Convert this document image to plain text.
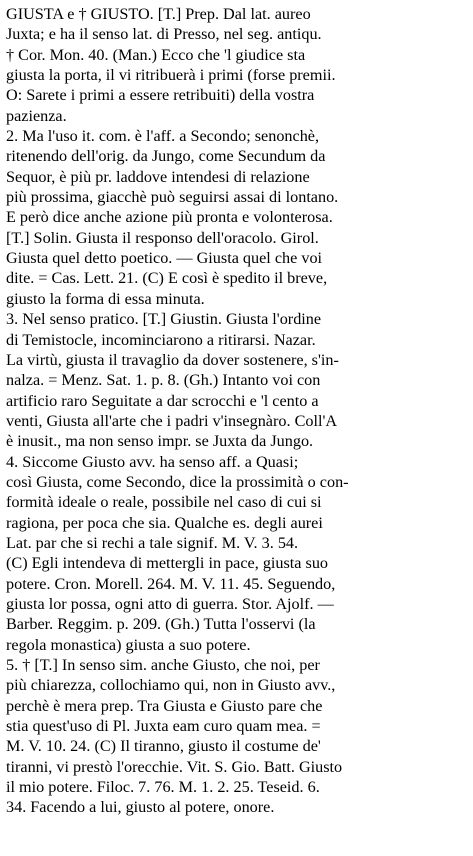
GIUSTA e † GIUSTO. [T.] Prep. Dal lat. aureo
Juxta; e ha il senso lat. di Presso, nel seg. antiqu.
† Cor. Mon. 40. (Man.) Ecco che 'l giudice sta
giusta la porta, il vi ritribuerà i primi (forse premii.
O: Sarete i primi a essere retribuiti) della vostra
pazienza.
2. Ma l'uso it. com. è l'aff. a Secondo; senonchè,
ritenendo dell'orig. da Jungo, come Secundum da
Sequor, è più pr. laddove intendesi di relazione
più prossima, giacchè può seguirsi assai di lontano.
E però dice anche azione più pronta e volonterosa.
[T.] Solin. Giusta il responso dell'oracolo. Girol.
Giusta quel detto poetico. — Giusta quel che voi
dite. = Cas. Lett. 21. (C) E così è spedito il breve,
giusto la forma di essa minuta.
3. Nel senso pratico. [T.] Giustin. Giusta l'ordine
di Temistocle, incominciarono a ritirarsi. Nazar.
La virtù, giusta il travaglio da dover sostenere, s'in-
nalza. = Menz. Sat. 1. p. 8. (Gh.) Intanto voi con
artificio raro Seguitate a dar scrocchi e 'l cento a
venti, Giusta all'arte che i padri v'insegnàro. Coll'A
è inusit., ma non senso impr. se Juxta da Jungo.
4. Siccome Giusto avv. ha senso aff. a Quasi;
così Giusta, come Secondo, dice la prossimità o con-
formità ideale o reale, possibile nel caso di cui si
ragiona, per poca che sia. Qualche es. degli aurei
Lat. par che si rechi a tale signif. M. V. 3. 54.
(C) Egli intendeva di mettergli in pace, giusta suo
potere. Cron. Morell. 264. M. V. 11. 45. Seguendo,
giusta lor possa, ogni atto di guerra. Stor. Ajolf. —
Barber. Reggim. p. 209. (Gh.) Tutta l'osservi (la
regola monastica) giusta a suo potere.
5. † [T.] In senso sim. anche Giusto, che noi, per
più chiarezza, collochiamo qui, non in Giusto avv.,
perchè è mera prep. Tra Giusta e Giusto pare che
stia quest'uso di Pl. Juxta eam curo quam mea. =
M. V. 10. 24. (C) Il tiranno, giusto il costume de'
tiranni, vi prestò l'orecchie. Vit. S. Gio. Batt. Giusto
il mio potere. Filoc. 7. 76. M. 1. 2. 25. Teseid. 6.
34. Facendo a lui, giusto al potere, onore.
